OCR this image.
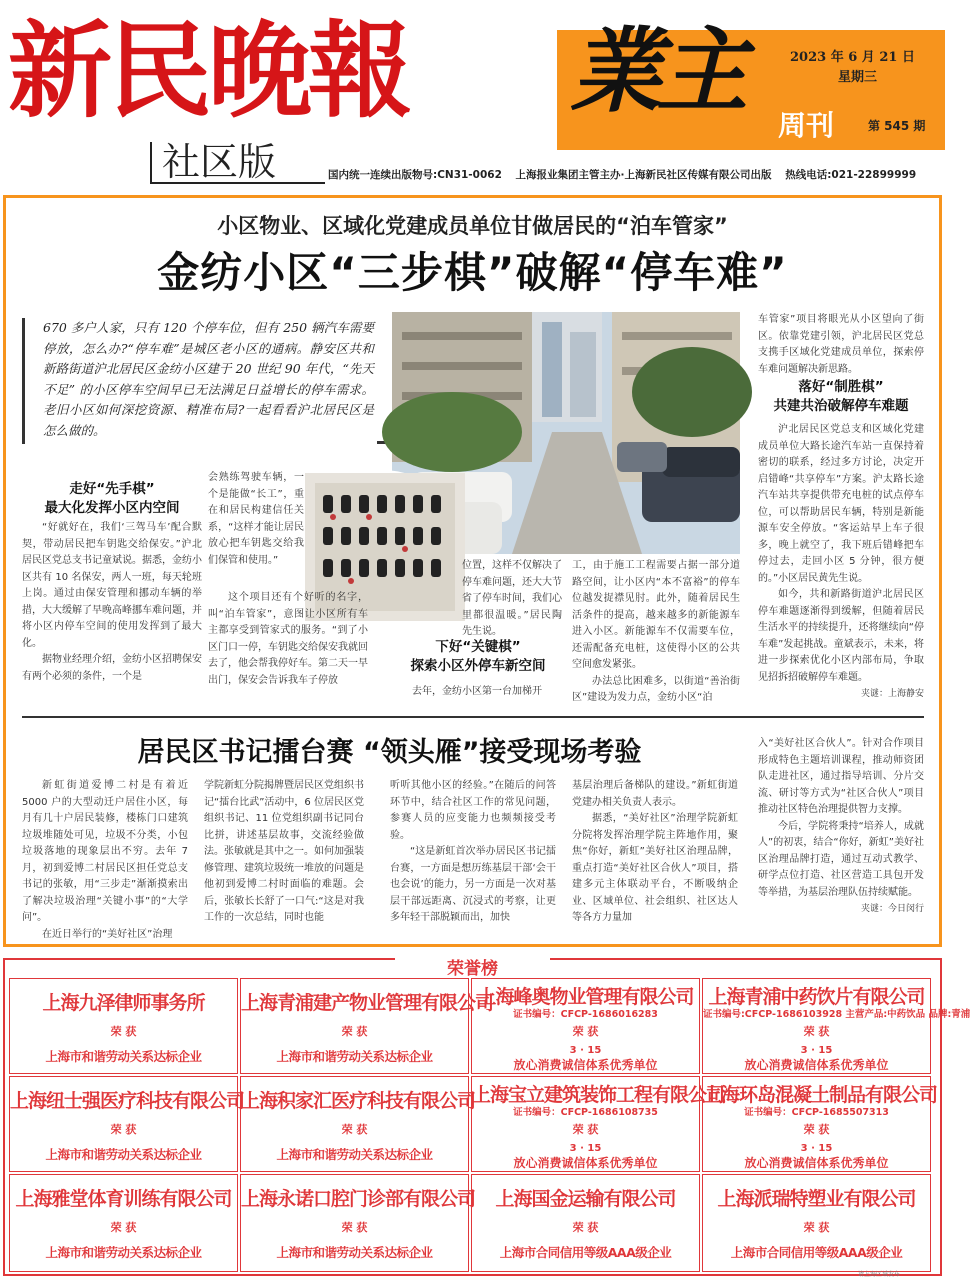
新民晚報
社区版
業主	2023 年 6 月 21 日
星期三
周刊	第 545 期
国内统一连续出版物号:CN31-0062 上海报业集团主管主办·上海新民社区传媒有限公司出版 热线电话:021-22899999
小区物业、区域化党建成员单位甘做居民的“泊车管家”
金纺小区“三步棋”破解“停车难”
670 多户人家，只有 120 个停车位，但有 250 辆汽车需要停放，怎么办?“停车难”是城区老小区的通病。静安区共和新路街道沪北居民区金纺小区建于 20 世纪 90 年代，“先天不足” 的小区停车空间早已无法满足日益增长的停车需求。老旧小区如何深挖资源、精准布局?一起看看沪北居民区是怎么做的。
走好“先手棋”
最大化发挥小区内空间

“好就好在，我们‘三驾马车’配合默契，带动居民把车钥匙交给保安。”沪北居民区党总支书记童斌说。据悉，金纺小区共有 10 名保安，两人一班，每天轮班上岗。通过由保安管理和挪动车辆的举措，大大缓解了早晚高峰挪车难问题，并将小区内停车空间的使用发挥到了最大化。

据物业经理介绍，金纺小区招聘保安有两个必须的条件，一个是

会熟练驾驶车辆，一个是能做“长工”，重在和居民构建信任关系，“这样才能让居民放心把车钥匙交给我们保管和使用。”

这个项目还有个好听的名字，叫“泊车管家”，意图让小区所有车主都享受到管家式的服务。“到了小区门口一停，车钥匙交给保安我就回去了，他会帮我停好车。第二天一早出门，保安会告诉我车子停放

位置，这样不仅解决了停车难问题，还大大节省了停车时间，我们心里都很温暖。”居民陶先生说。

下好“关键棋”
探索小区外停车新空间

去年，金纺小区第一台加梯开

工，由于施工工程需要占据一部分道路空间，让小区内“本不富裕”的停车位越发捉襟见肘。此外，随着居民生活条件的提高，越来越多的新能源车进入小区。新能源车不仅需要车位，还需配备充电桩，这使得小区的公共空间愈发紧张。

办法总比困难多，以街道“善治街区”建设为发力点，金纺小区“泊

车管家”项目将眼光从小区望向了街区。依靠党建引领，沪北居民区党总支携手区域化党建成员单位，探索停车难问题解决新思路。

落好“制胜棋”
共建共治破解停车难题

沪北居民区党总支和区域化党建成员单位大路长途汽车站一直保持着密切的联系，经过多方讨论，决定开启错峰“共享停车”方案。沪太路长途汽车站共享提供带充电桩的试点停车位，可以帮助居民车辆，特别是新能源车安全停放。“客运站早上车子很多，晚上就空了，我下班后错峰把车停过去，走回小区 5 分钟，很方便的。”小区居民黄先生说。

如今，共和新路街道沪北居民区停车难题逐渐得到缓解，但随着居民生活水平的持续提升，还将继续向“停车难”发起挑战。童斌表示，未来，将进一步探索优化小区内部布局，争取见招拆招破解停车难题。

夹谜：上海静安

居民区书记擂台赛 “领头雁”接受现场考验

新虹街道爱博二村是有着近 5000 户的大型动迁户居住小区，每月有几十户居民装修，楼栋门口建筑垃圾堆随处可见，垃圾不分类，小包垃圾落地的现象层出不穷。去年 7 月，初到爱博二村居民区担任党总支书记的张敏，用“三步走”渐渐摸索出了解决垃圾治理“关键小事”的“大学问”。

在近日举行的“美好社区”治理

学院新虹分院揭牌暨居民区党组织书记“擂台比武”活动中，6 位居民区党组织书记、11 位党组织副书记同台比拼，讲述基层故事，交流经验做法。张敏就是其中之一。如何加强装修管理、建筑垃圾统一堆放的问题是他初到爱博二村时面临的难题。会后，张敏长长舒了一口气:“这是对我工作的一次总结，同时也能

听听其他小区的经验。”在随后的问答环节中，结合社区工作的常见问题，参赛人员的应变能力也频频接受考验。

“这是新虹首次举办居民区书记擂台赛，一方面是想历练基层干部‘会干也会说’的能力，另一方面是一次对基层干部远距离、沉浸式的考察，让更多年轻干部脱颖而出，加快

基层治理后备梯队的建设。”新虹街道党建办相关负责人表示。

据悉，“美好社区”治理学院新虹分院将发挥治理学院主阵地作用，聚焦“你好，新虹”美好社区治理品牌，重点打造“美好社区合伙人”项目，搭建多元主体联动平台，不断吸纳企业、区域单位、社会组织、社区达人等各方力量加

入“美好社区合伙人”。针对合作项目形成特色主题培训课程，推动师资团队走进社区，通过指导培训、分片交流、研讨等方式为“社区合伙人”项目推动社区特色治理提供智力支撑。

今后，学院将秉持“培养人，成就人”的初衷，结合“你好，新虹”美好社区治理品牌打造，通过互动式教学、研学点位打造、社区营造工具包开发等举措，为基层治理队伍持续赋能。

夹谜：今日闵行

荣誉榜
上海九泽律师事务所
荣 获
上海市和谐劳动关系达标企业
上海青浦建产物业管理有限公司
荣 获
上海市和谐劳动关系达标企业
上海峰奥物业管理有限公司
证书编号：CFCP-1686016283
荣 获
3 · 15
放心消费诚信体系优秀单位
上海青浦中药饮片有限公司
证书编号:CFCP-1686103928 主营产品:中药饮品 品牌:青浦
荣 获
3 · 15
放心消费诚信体系优秀单位
上海纽士强医疗科技有限公司
荣 获
上海市和谐劳动关系达标企业
上海积家汇医疗科技有限公司
荣 获
上海市和谐劳动关系达标企业
上海宝立建筑装饰工程有限公司
证书编号：CFCP-1686108735
荣 获
3 · 15
放心消费诚信体系优秀单位
上海环岛混凝土制品有限公司
证书编号：CFCP-1685507313
荣 获
3 · 15
放心消费诚信体系优秀单位
上海雅堂体育训练有限公司
荣 获
上海市和谐劳动关系达标企业
上海永诺口腔门诊部有限公司
荣 获
上海市和谐劳动关系达标企业
上海国金运输有限公司
荣 获
上海市合同信用等级AAA级企业
上海派瑞特塑业有限公司
荣 获
上海市合同信用等级AAA级企业
请上海区域发布
